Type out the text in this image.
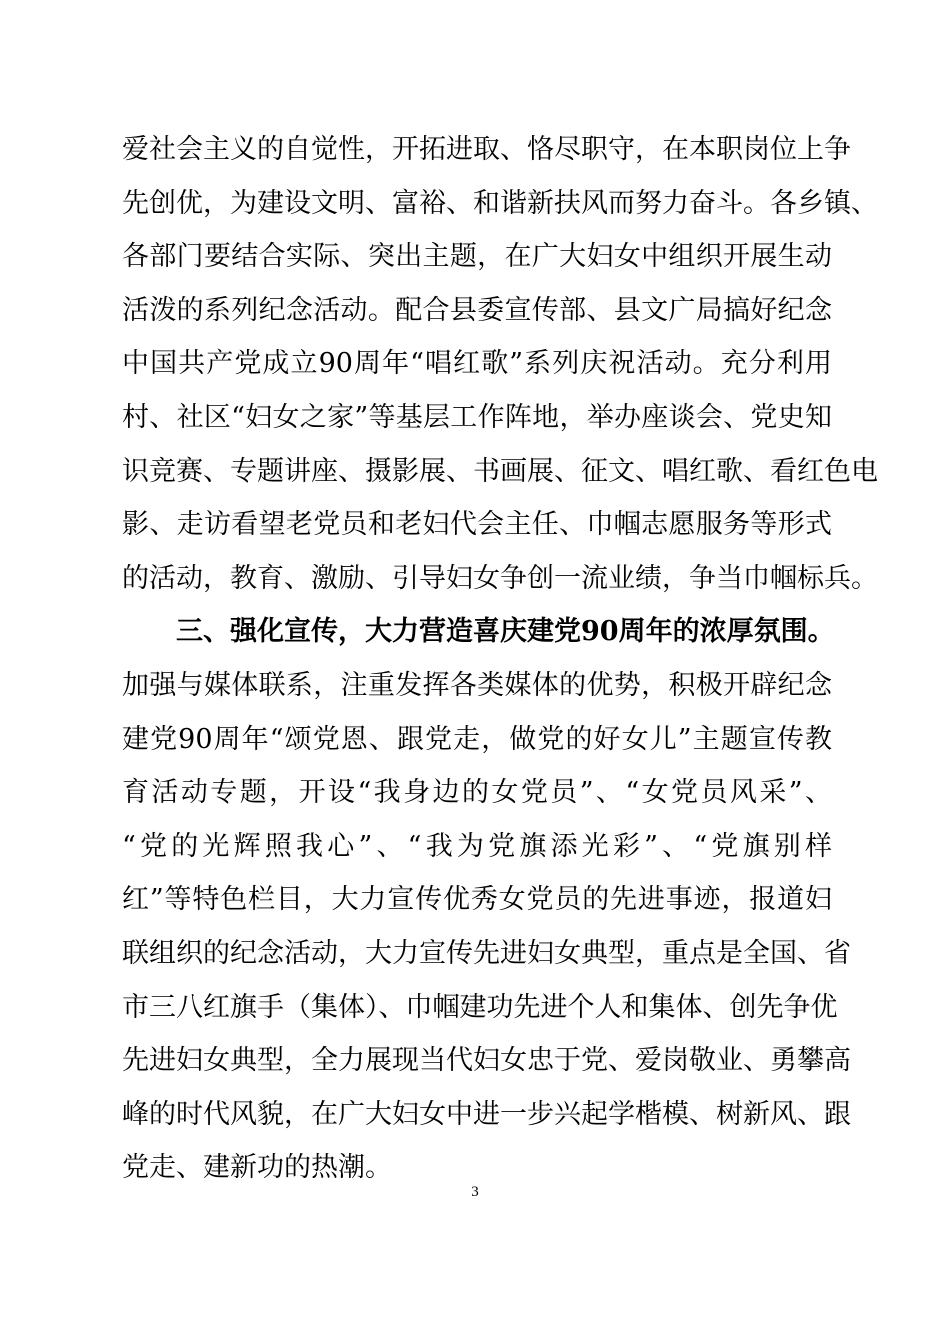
爱社会主义的自觉性，开拓进取、恪尽职守，在本职岗位上争
先创优，为建设文明、富裕、和谐新扶风而努力奋斗。各乡镇、
各部门要结合实际、突出主题，在广大妇女中组织开展生动
活泼的系列纪念活动。配合县委宣传部、县文广局搞好纪念
中国共产党成立90周年“唱红歌”系列庆祝活动。充分利用
村、社区“妇女之家”等基层工作阵地，举办座谈会、党史知
识竞赛、专题讲座、摄影展、书画展、征文、唱红歌、看红色电
影、走访看望老党员和老妇代会主任、巾帼志愿服务等形式
的活动，教育、激励、引导妇女争创一流业绩，争当巾帼标兵。
三、强化宣传，大力营造喜庆建党90周年的浓厚氛围。
加强与媒体联系，注重发挥各类媒体的优势，积极开辟纪念
建党90周年“颂党恩、跟党走，做党的好女儿”主题宣传教
育活动专题，开设“我身边的女党员”、“女党员风采”、
“党的光辉照我心”、“我为党旗添光彩”、“党旗别样
红”等特色栏目，大力宣传优秀女党员的先进事迹，报道妇
联组织的纪念活动，大力宣传先进妇女典型，重点是全国、省
市三八红旗手（集体）、巾帼建功先进个人和集体、创先争优
先进妇女典型，全力展现当代妇女忠于党、爱岗敬业、勇攀高
峰的时代风貌，在广大妇女中进一步兴起学楷模、树新风、跟
党走、建新功的热潮。
3
